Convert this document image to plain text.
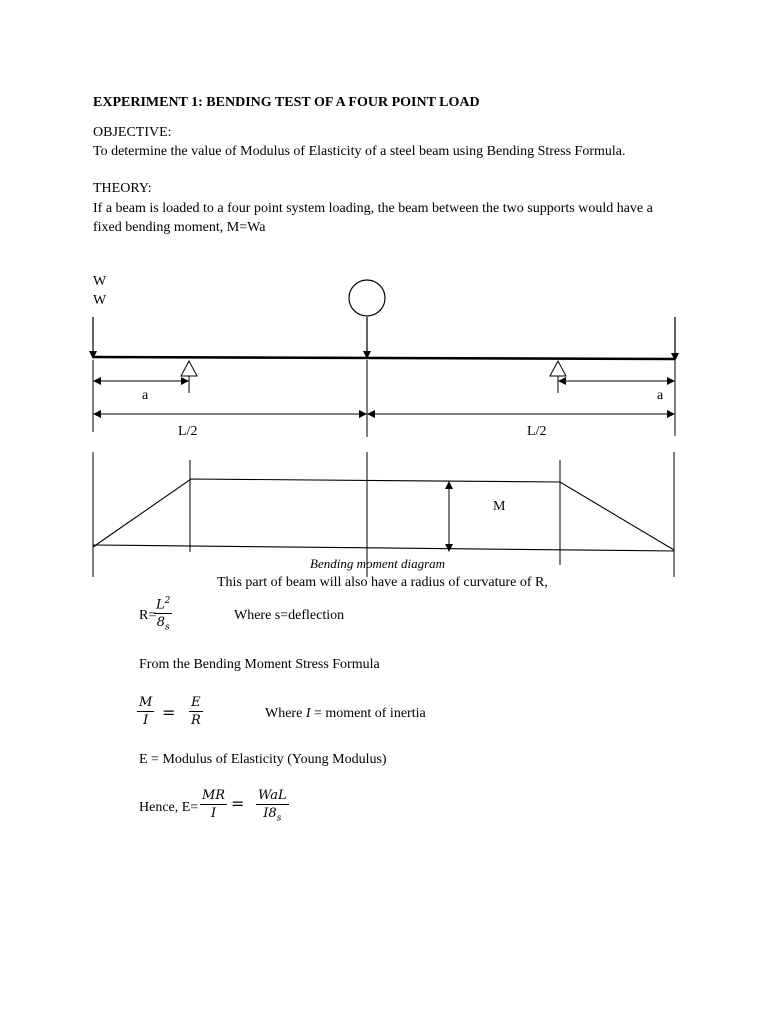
EXPERIMENT 1: BENDING TEST OF A FOUR POINT LOAD
OBJECTIVE:
To determine the value of Modulus of Elasticity of a steel beam using Bending Stress Formula.
THEORY:
If a beam is loaded to a four point system loading, the beam between the two supports would have a
fixed bending moment, M=Wa
W
W
a	a
L/2	L/2
M
Bending moment diagram
This part of beam will also have a radius of curvature of R,
R=
$\frac{L^2}{8_s}$	Where s=deflection
From the Bending Moment Stress Formula
$\frac{M}{I} = \frac{E}{R}$	Where I = moment of inertia
E = Modulus of Elasticity (Young Modulus)
Hence, $E= \frac{MR}{I}$ = WaL
$I8_s$
